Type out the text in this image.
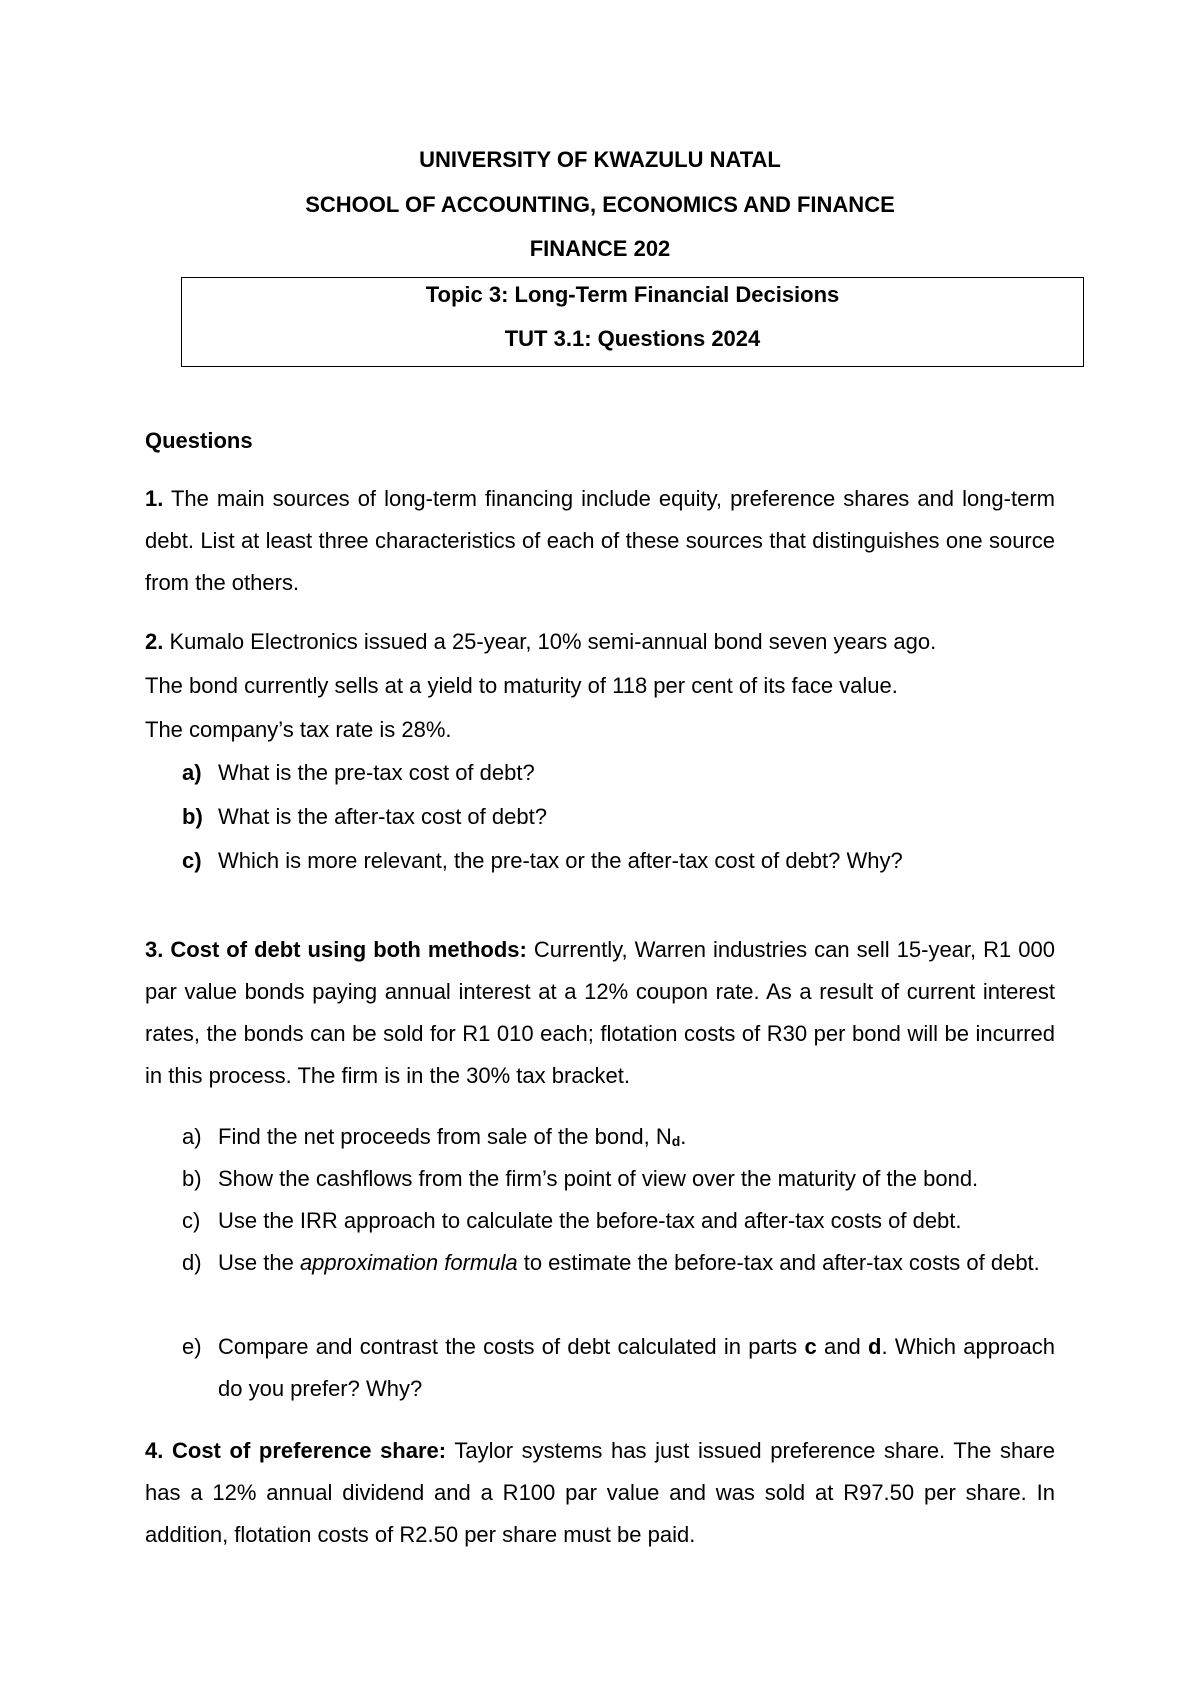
UNIVERSITY OF KWAZULU NATAL
SCHOOL OF ACCOUNTING, ECONOMICS AND FINANCE
FINANCE 202
Topic 3: Long-Term Financial Decisions
TUT 3.1: Questions 2024
Questions
1. The main sources of long-term financing include equity, preference shares and long-term debt. List at least three characteristics of each of these sources that distinguishes one source from the others.
2. Kumalo Electronics issued a 25-year, 10% semi-annual bond seven years ago.
The bond currently sells at a yield to maturity of 118 per cent of its face value.
The company’s tax rate is 28%.
a) What is the pre-tax cost of debt?
b) What is the after-tax cost of debt?
c) Which is more relevant, the pre-tax or the after-tax cost of debt? Why?
3. Cost of debt using both methods: Currently, Warren industries can sell 15-year, R1 000 par value bonds paying annual interest at a 12% coupon rate. As a result of current interest rates, the bonds can be sold for R1 010 each; flotation costs of R30 per bond will be incurred in this process. The firm is in the 30% tax bracket.
a) Find the net proceeds from sale of the bond, $N_d$.
b) Show the cashflows from the firm’s point of view over the maturity of the bond.
c) Use the IRR approach to calculate the before-tax and after-tax costs of debt.
d) Use the approximation formula to estimate the before-tax and after-tax costs of debt.
e) Compare and contrast the costs of debt calculated in parts c and d. Which approach do you prefer? Why?
4. Cost of preference share: Taylor systems has just issued preference share. The share has a 12% annual dividend and a R100 par value and was sold at R97.50 per share. In addition, flotation costs of R2.50 per share must be paid.
